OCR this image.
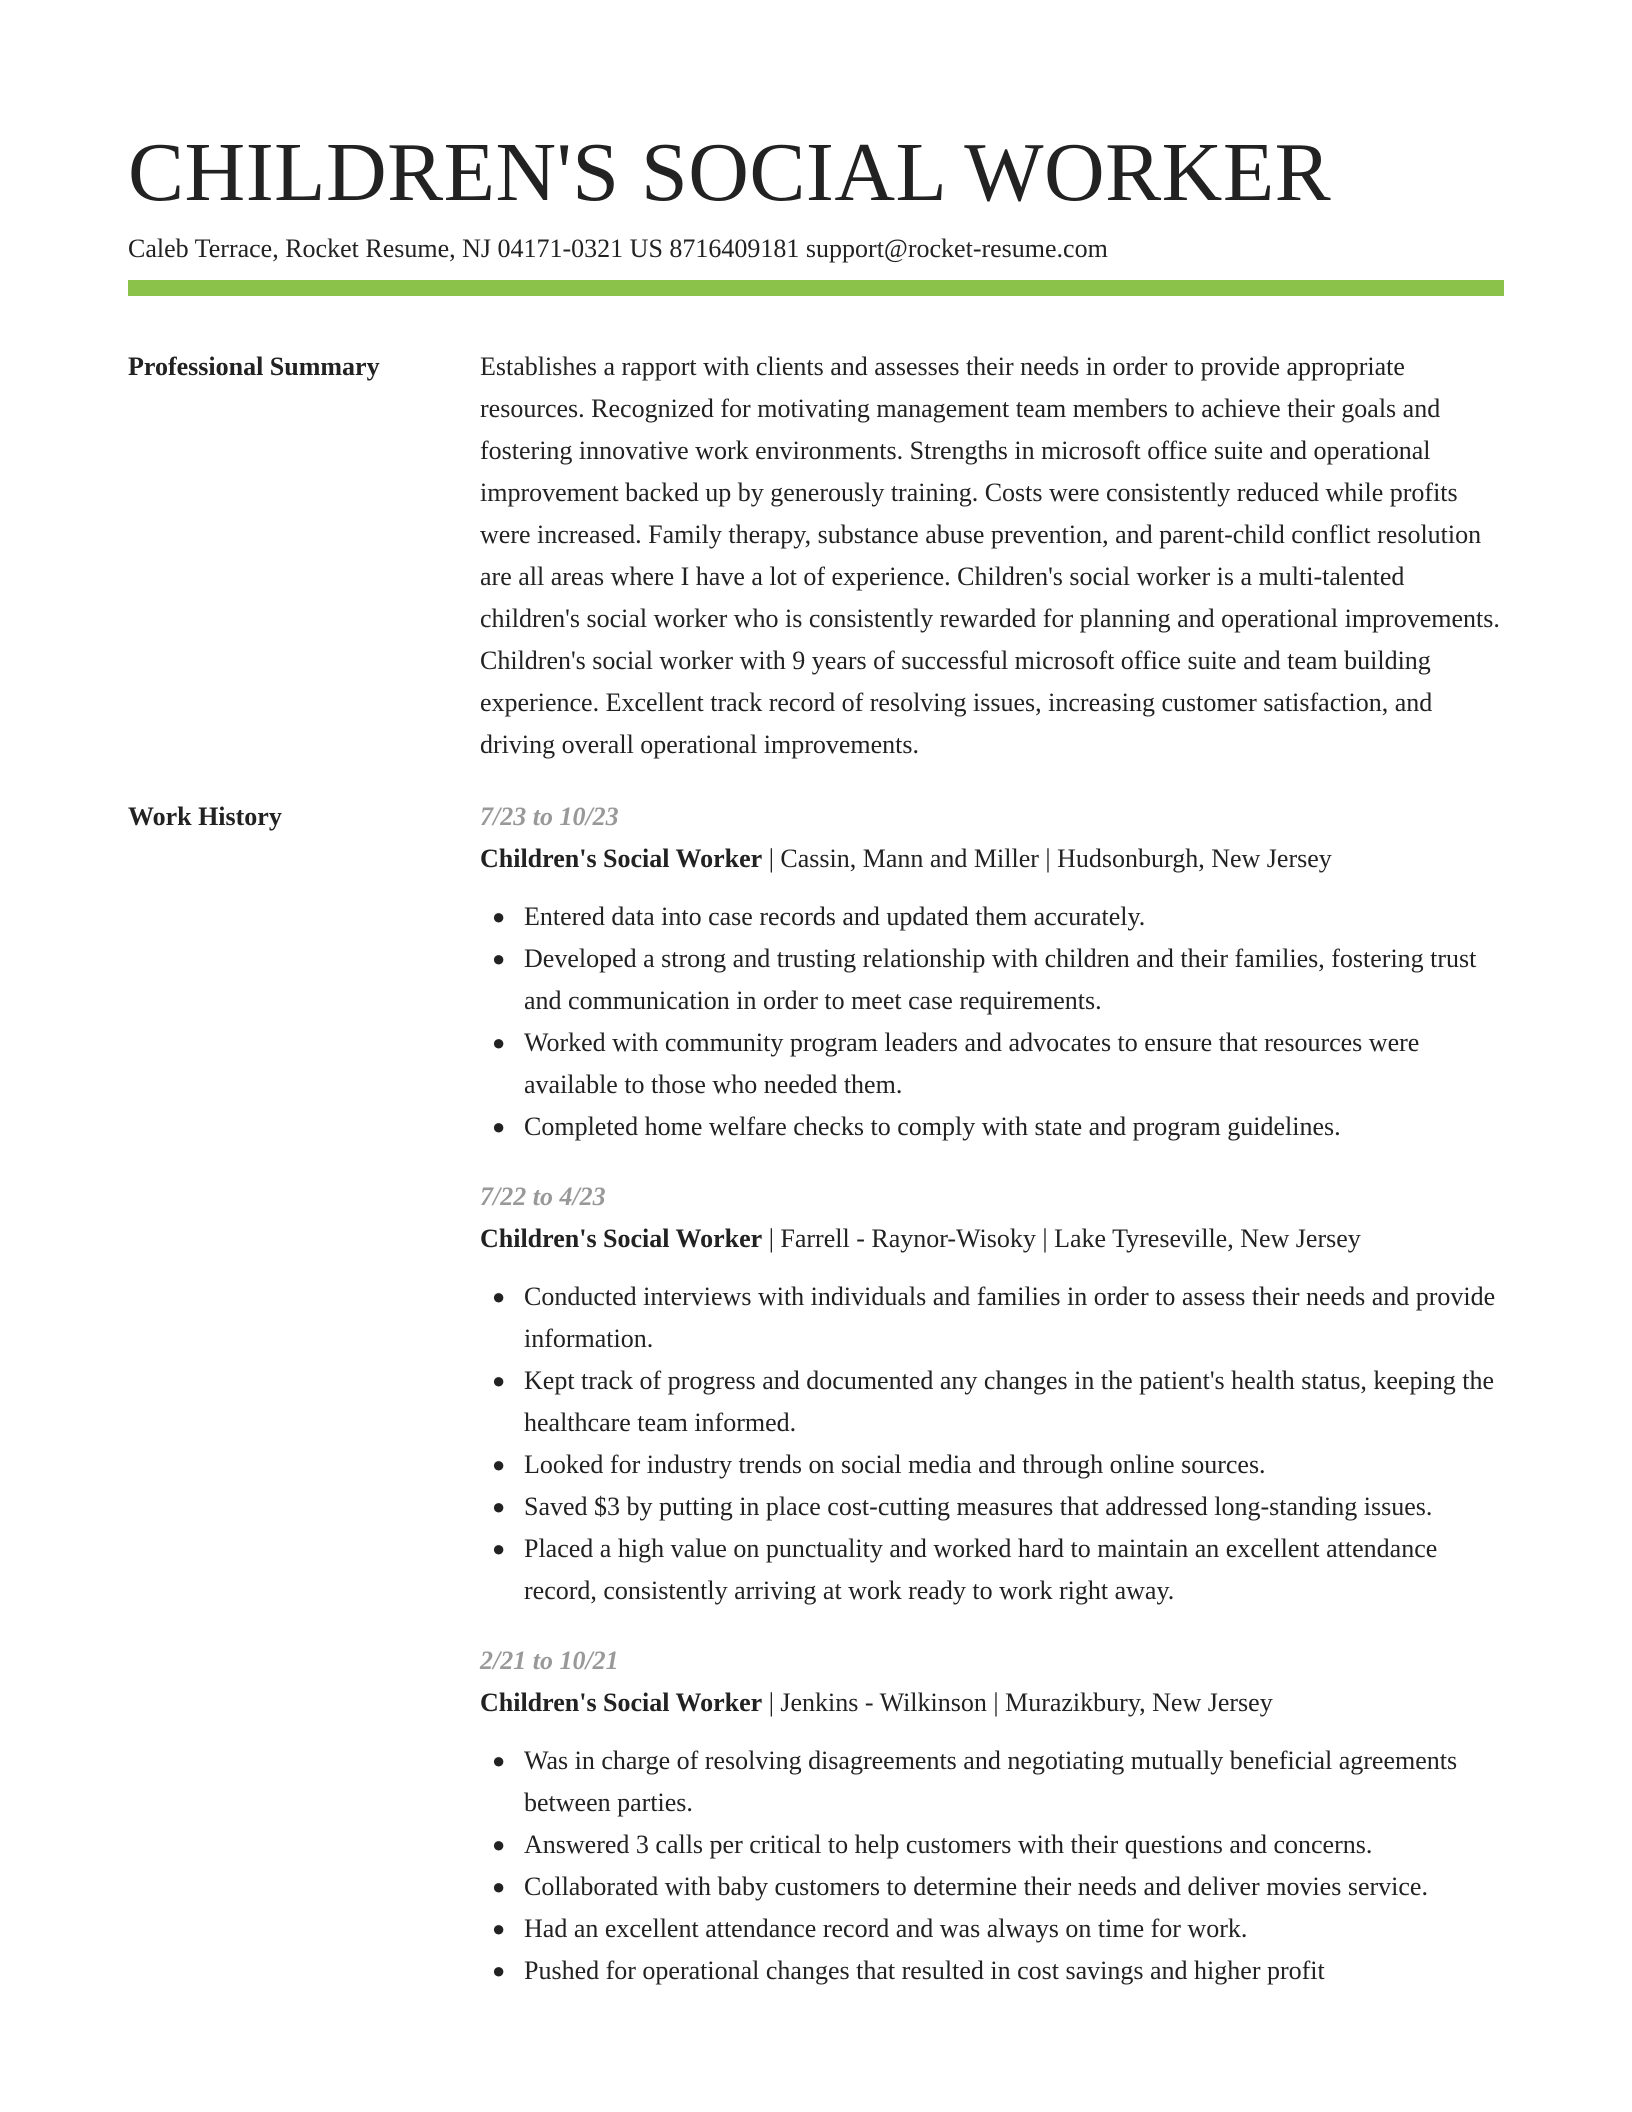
CHILDREN'S SOCIAL WORKER
Caleb Terrace, Rocket Resume, NJ 04171-0321 US 8716409181 support@rocket-resume.com
Professional Summary	Establishes a rapport with clients and assesses their needs in order to provide appropriate resources. Recognized for motivating management team members to achieve their goals and fostering innovative work environments. Strengths in microsoft office suite and operational improvement backed up by generously training. Costs were consistently reduced while profits were increased. Family therapy, substance abuse prevention, and parent-child conflict resolution are all areas where I have a lot of experience. Children's social worker is a multi-talented children's social worker who is consistently rewarded for planning and operational improvements. Children's social worker with 9 years of successful microsoft office suite and team building experience. Excellent track record of resolving issues, increasing customer satisfaction, and driving overall operational improvements.

Work History	7/23 to 10/23
Children's Social Worker | Cassin, Mann and Miller | Hudsonburgh, New Jersey
● Entered data into case records and updated them accurately.
● Developed a strong and trusting relationship with children and their families, fostering trust and communication in order to meet case requirements.
● Worked with community program leaders and advocates to ensure that resources were available to those who needed them.
● Completed home welfare checks to comply with state and program guidelines.
7/22 to 4/23
Children's Social Worker | Farrell - Raynor-Wisoky | Lake Tyreseville, New Jersey
● Conducted interviews with individuals and families in order to assess their needs and provide information.
● Kept track of progress and documented any changes in the patient's health status, keeping the healthcare team informed.
● Looked for industry trends on social media and through online sources.
● Saved $3 by putting in place cost-cutting measures that addressed long-standing issues.
● Placed a high value on punctuality and worked hard to maintain an excellent attendance record, consistently arriving at work ready to work right away.
2/21 to 10/21
Children's Social Worker | Jenkins - Wilkinson | Murazikbury, New Jersey
● Was in charge of resolving disagreements and negotiating mutually beneficial agreements between parties.
● Answered 3 calls per critical to help customers with their questions and concerns.
● Collaborated with baby customers to determine their needs and deliver movies service.
● Had an excellent attendance record and was always on time for work.
● Pushed for operational changes that resulted in cost savings and higher profit
